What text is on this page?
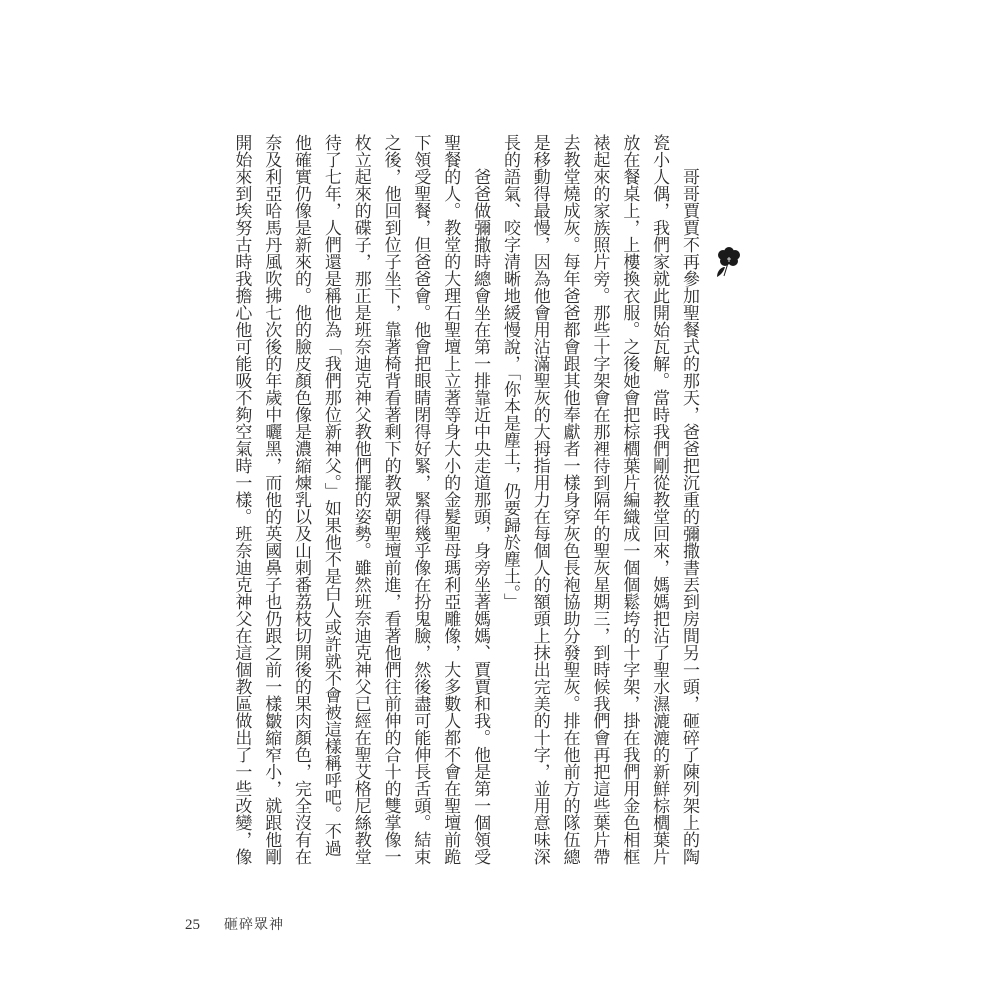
哥哥賈賈不再參加聖餐式的那天，爸爸把沉重的彌撒書丟到房間另一頭，砸碎了陳列架上的陶
瓷小人偶，我們家就此開始瓦解。當時我們剛從教堂回來，媽媽把沾了聖水濕漉漉的新鮮棕櫚葉片
放在餐桌上，上樓換衣服。之後她會把棕櫚葉片編織成一個個鬆垮的十字架，掛在我們用金色相框
裱起來的家族照片旁。那些十字架會在那裡待到隔年的聖灰星期三，到時候我們會再把這些葉片帶
去教堂燒成灰。每年爸爸都會跟其他奉獻者一樣身穿灰色長袍協助分發聖灰。排在他前方的隊伍總
是移動得最慢，因為他會用沾滿聖灰的大拇指用力在每個人的額頭上抹出完美的十字，並用意味深
長的語氣、咬字清晰地緩慢說，「你本是塵土，仍要歸於塵土。」
爸爸做彌撒時總會坐在第一排靠近中央走道那頭，身旁坐著媽媽、賈賈和我。他是第一個領受
聖餐的人。教堂的大理石聖壇上立著等身大小的金髮聖母瑪利亞雕像，大多數人都不會在聖壇前跪
下領受聖餐，但爸爸會。他會把眼睛閉得好緊，緊得幾乎像在扮鬼臉，然後盡可能伸長舌頭。結束
之後，他回到位子坐下，靠著椅背看著剩下的教眾朝聖壇前進，看著他們往前伸的合十的雙掌像一
枚立起來的碟子，那正是班奈迪克神父教他們擺的姿勢。雖然班奈迪克神父已經在聖艾格尼絲教堂
待了七年，人們還是稱他為「我們那位新神父。」如果他不是白人或許就不會被這樣稱呼吧。不過
他確實仍像是新來的。他的臉皮顏色像是濃縮煉乳以及山刺番荔枝切開後的果肉顏色，完全沒有在
奈及利亞哈馬丹風吹拂七次後的年歲中曬黑，而他的英國鼻子也仍跟之前一樣皺縮窄小，就跟他剛
開始來到埃努古時我擔心他可能吸不夠空氣時一樣。班奈迪克神父在這個教區做出了一些改變，像
25 砸碎眾神
